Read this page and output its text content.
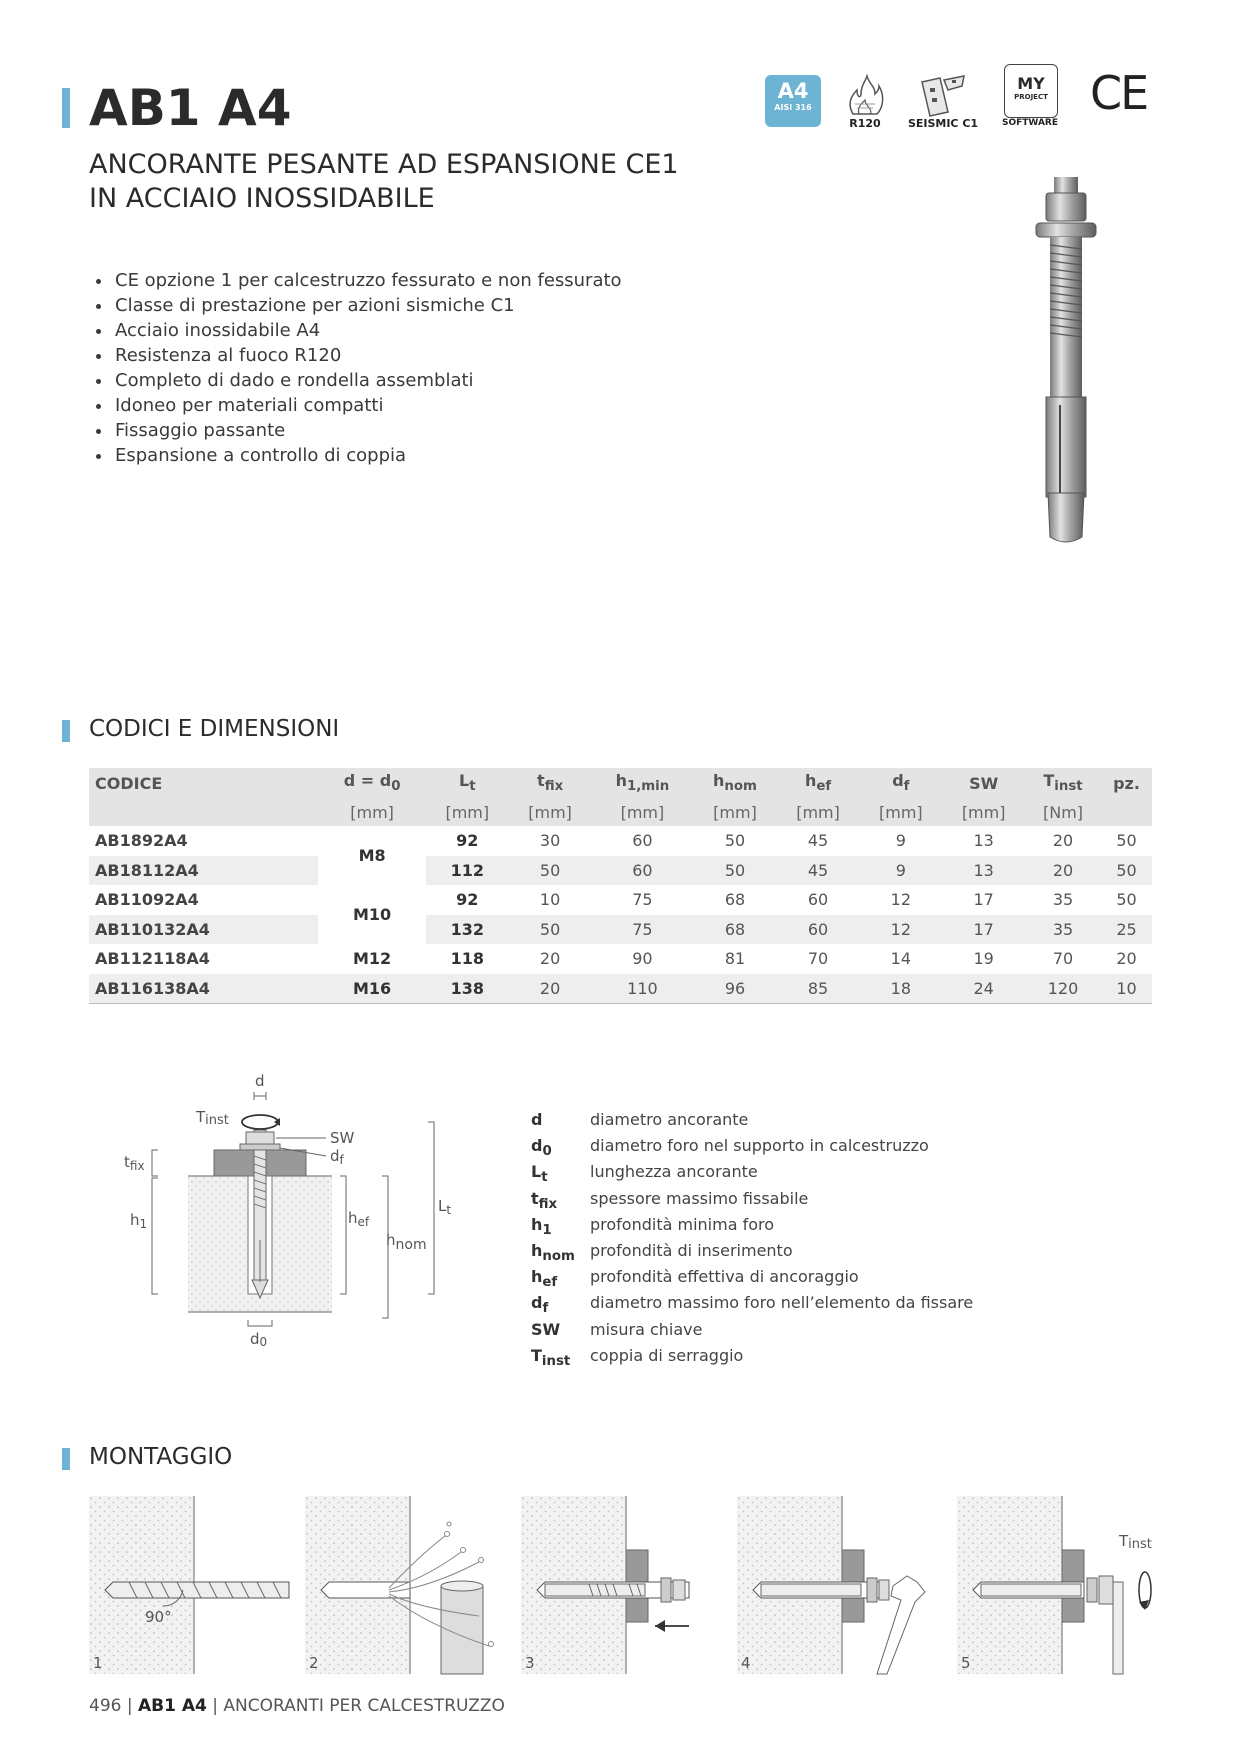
AB1 A4
ANCORANTE PESANTE AD ESPANSIONE CE1
IN ACCIAIO INOSSIDABILE
A4
AISI 316
R120	SEISMIC C1
MY
PROJECT
SOFTWARE
CE
• CE opzione 1 per calcestruzzo fessurato e non fessurato
• Classe di prestazione per azioni sismiche C1
• Acciaio inossidabile A4
• Resistenza al fuoco R120
• Completo di dado e rondella assemblati
• Idoneo per materiali compatti
• Fissaggio passante
• Espansione a controllo di coppia
CODICI E DIMENSIONI
CODICE	$d = d_0$	$L_t$	$t_{fix}$	$h_{1,min}$	$h_{nom}$	$h_{ef}$	$d_f$	SW	$T_{inst}$	pz.
	[mm]	[mm]	[mm]	[mm]	[mm]	[mm]	[mm]	[mm]	[Nm]	
AB1892A4	M8	92	30	60	50	45	9	13	20	50
AB18112A4		112	50	60	50	45	9	13	20	50
AB11092A4	M10	92	10	75	68	60	12	17	35	50
AB110132A4		132	50	75	68	60	12	17	35	25
AB112118A4	M12	118	20	90	81	70	14	19	70	20
AB116138A4	M16	138	20	110	96	85	18	24	120	10
d
Tinst
SW
$d_f$
$t_{fix}$
$h_1$	$h_{ef}$
hnom
$L_t$
d0
d	diametro ancorante
$d_0$	diametro foro nel supporto in calcestruzzo
$L_t$	lunghezza ancorante
$t_{fix}$	spessore massimo fissabile
$h_1$	profondità minima foro
$h_{nom}$ profondità di inserimento
$h_{ef}$	profondità effettiva di ancoraggio
$d_f$	diametro massimo foro nell’elemento da fissare
SW	misura chiave
$T_{inst}$	coppia di serraggio
MONTAGGIO
90°
1	2	3	4
Tinst
5
496 | AB1 A4 | ANCORANTI PER CALCESTRUZZO
